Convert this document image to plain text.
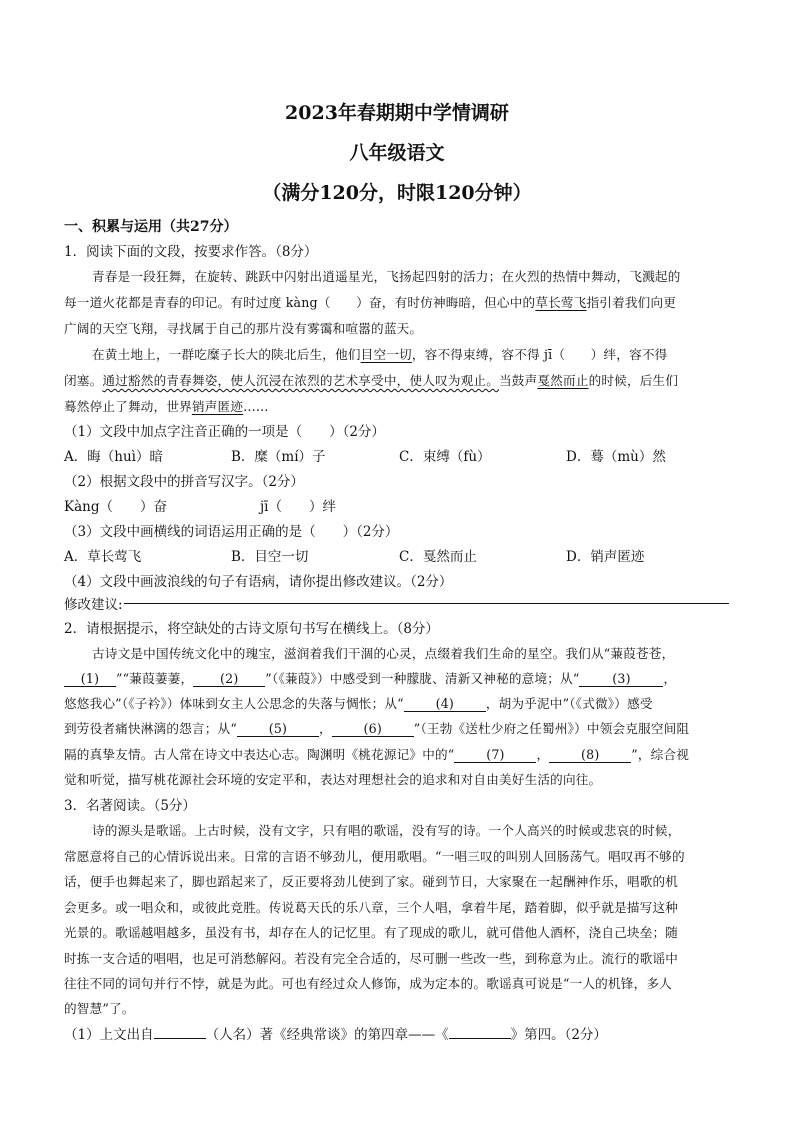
2023年春期期中学情调研
八年级语文
（满分120分，时限120分钟）
一、积累与运用（共27分）
1．阅读下面的文段，按要求作答。（8分）
青春是一段狂舞，在旋转、跳跃中闪射出逍遥星光，飞扬起四射的活力；在火烈的热情中舞动，飞溅起的
每一道火花都是青春的印记。有时过度 kàng（　　）奋，有时仿神晦暗，但心中的草长莺飞指引着我们向更
广阔的天空飞翔，寻找属于自己的那片没有雾霭和喧嚣的蓝天。
在黄土地上，一群吃糜子长大的陕北后生，他们目空一切，容不得束缚，容不得 jī（　　）绊，容不得
闭塞。通过豁然的青春舞姿，使人沉浸在浓烈的艺术享受中，使人叹为观止。当鼓声戛然而止的时候，后生们
蓦然停止了舞动，世界销声匿迹……
（1）文段中加点字注音正确的一项是（　　）（2分）
A．晦（huì）暗	B．糜（mí）子	C．束缚（fù）	D．蓦（mù）然
（2）根据文段中的拼音写汉字。（2分）
Kàng（　　）奋	jī（　　）绊
（3）文段中画横线的词语运用正确的是（　　）（2分）
A．草长莺飞	B．目空一切	C．戛然而止	D．销声匿迹
（4）文段中画波浪线的句子有语病，请你提出修改建议。（2分）
修改建议:
2．请根据提示，将空缺处的古诗文原句书写在横线上。（8分）
古诗文是中国传统文化中的瑰宝，滋润着我们干涸的心灵，点缀着我们生命的星空。我们从“蒹葭苍苍，
(1) ”“蒹葭萋萋， (2) ”（《蒹葭》）中感受到一种朦胧、清新又神秘的意境；从“	(3)	，
悠悠我心”（《子衿》）体味到女主人公思念的失落与惆怅；从“	(4)	，胡为乎泥中”（《式微》）感受
到劳役者痛快淋漓的怨言；从“	(5)	，	(6)	”（王勃《送杜少府之任蜀州》）中领会克服空间阻
隔的真挚友情。古人常在诗文中表达心志。陶渊明《桃花源记》中的“	(7)	，	(8)	”，综合视
觉和听觉，描写桃花源社会环境的安定平和，表达对理想社会的追求和对自由美好生活的向往。
3．名著阅读。（5分）
诗的源头是歌谣。上古时候，没有文字，只有唱的歌谣，没有写的诗。一个人高兴的时候或悲哀的时候，
常愿意将自己的心情诉说出来。日常的言语不够劲儿，便用歌唱。“一唱三叹的叫别人回肠荡气。唱叹再不够的
话，便手也舞起来了，脚也蹈起来了，反正要将劲儿使到了家。碰到节日，大家聚在一起酬神作乐，唱歌的机
会更多。或一唱众和，或彼此竞胜。传说葛天氏的乐八章，三个人唱，拿着牛尾，踏着脚，似乎就是描写这种
光景的。歌谣越唱越多，虽没有书，却存在人的记忆里。有了现成的歌儿，就可借他人酒杯，浇自己块垒；随
时拣一支合适的唱唱，也足可消愁解闷。若没有完全合适的，尽可删一些改一些，到称意为止。流行的歌谣中
往往不同的词句并行不悖，就是为此。可也有经过众人修饰，成为定本的。歌谣真可说是“一人的机锋，多人
的智慧”了。
（1）上文出自	（人名）著《经典常谈》的第四章——《	》第四。（2分）
